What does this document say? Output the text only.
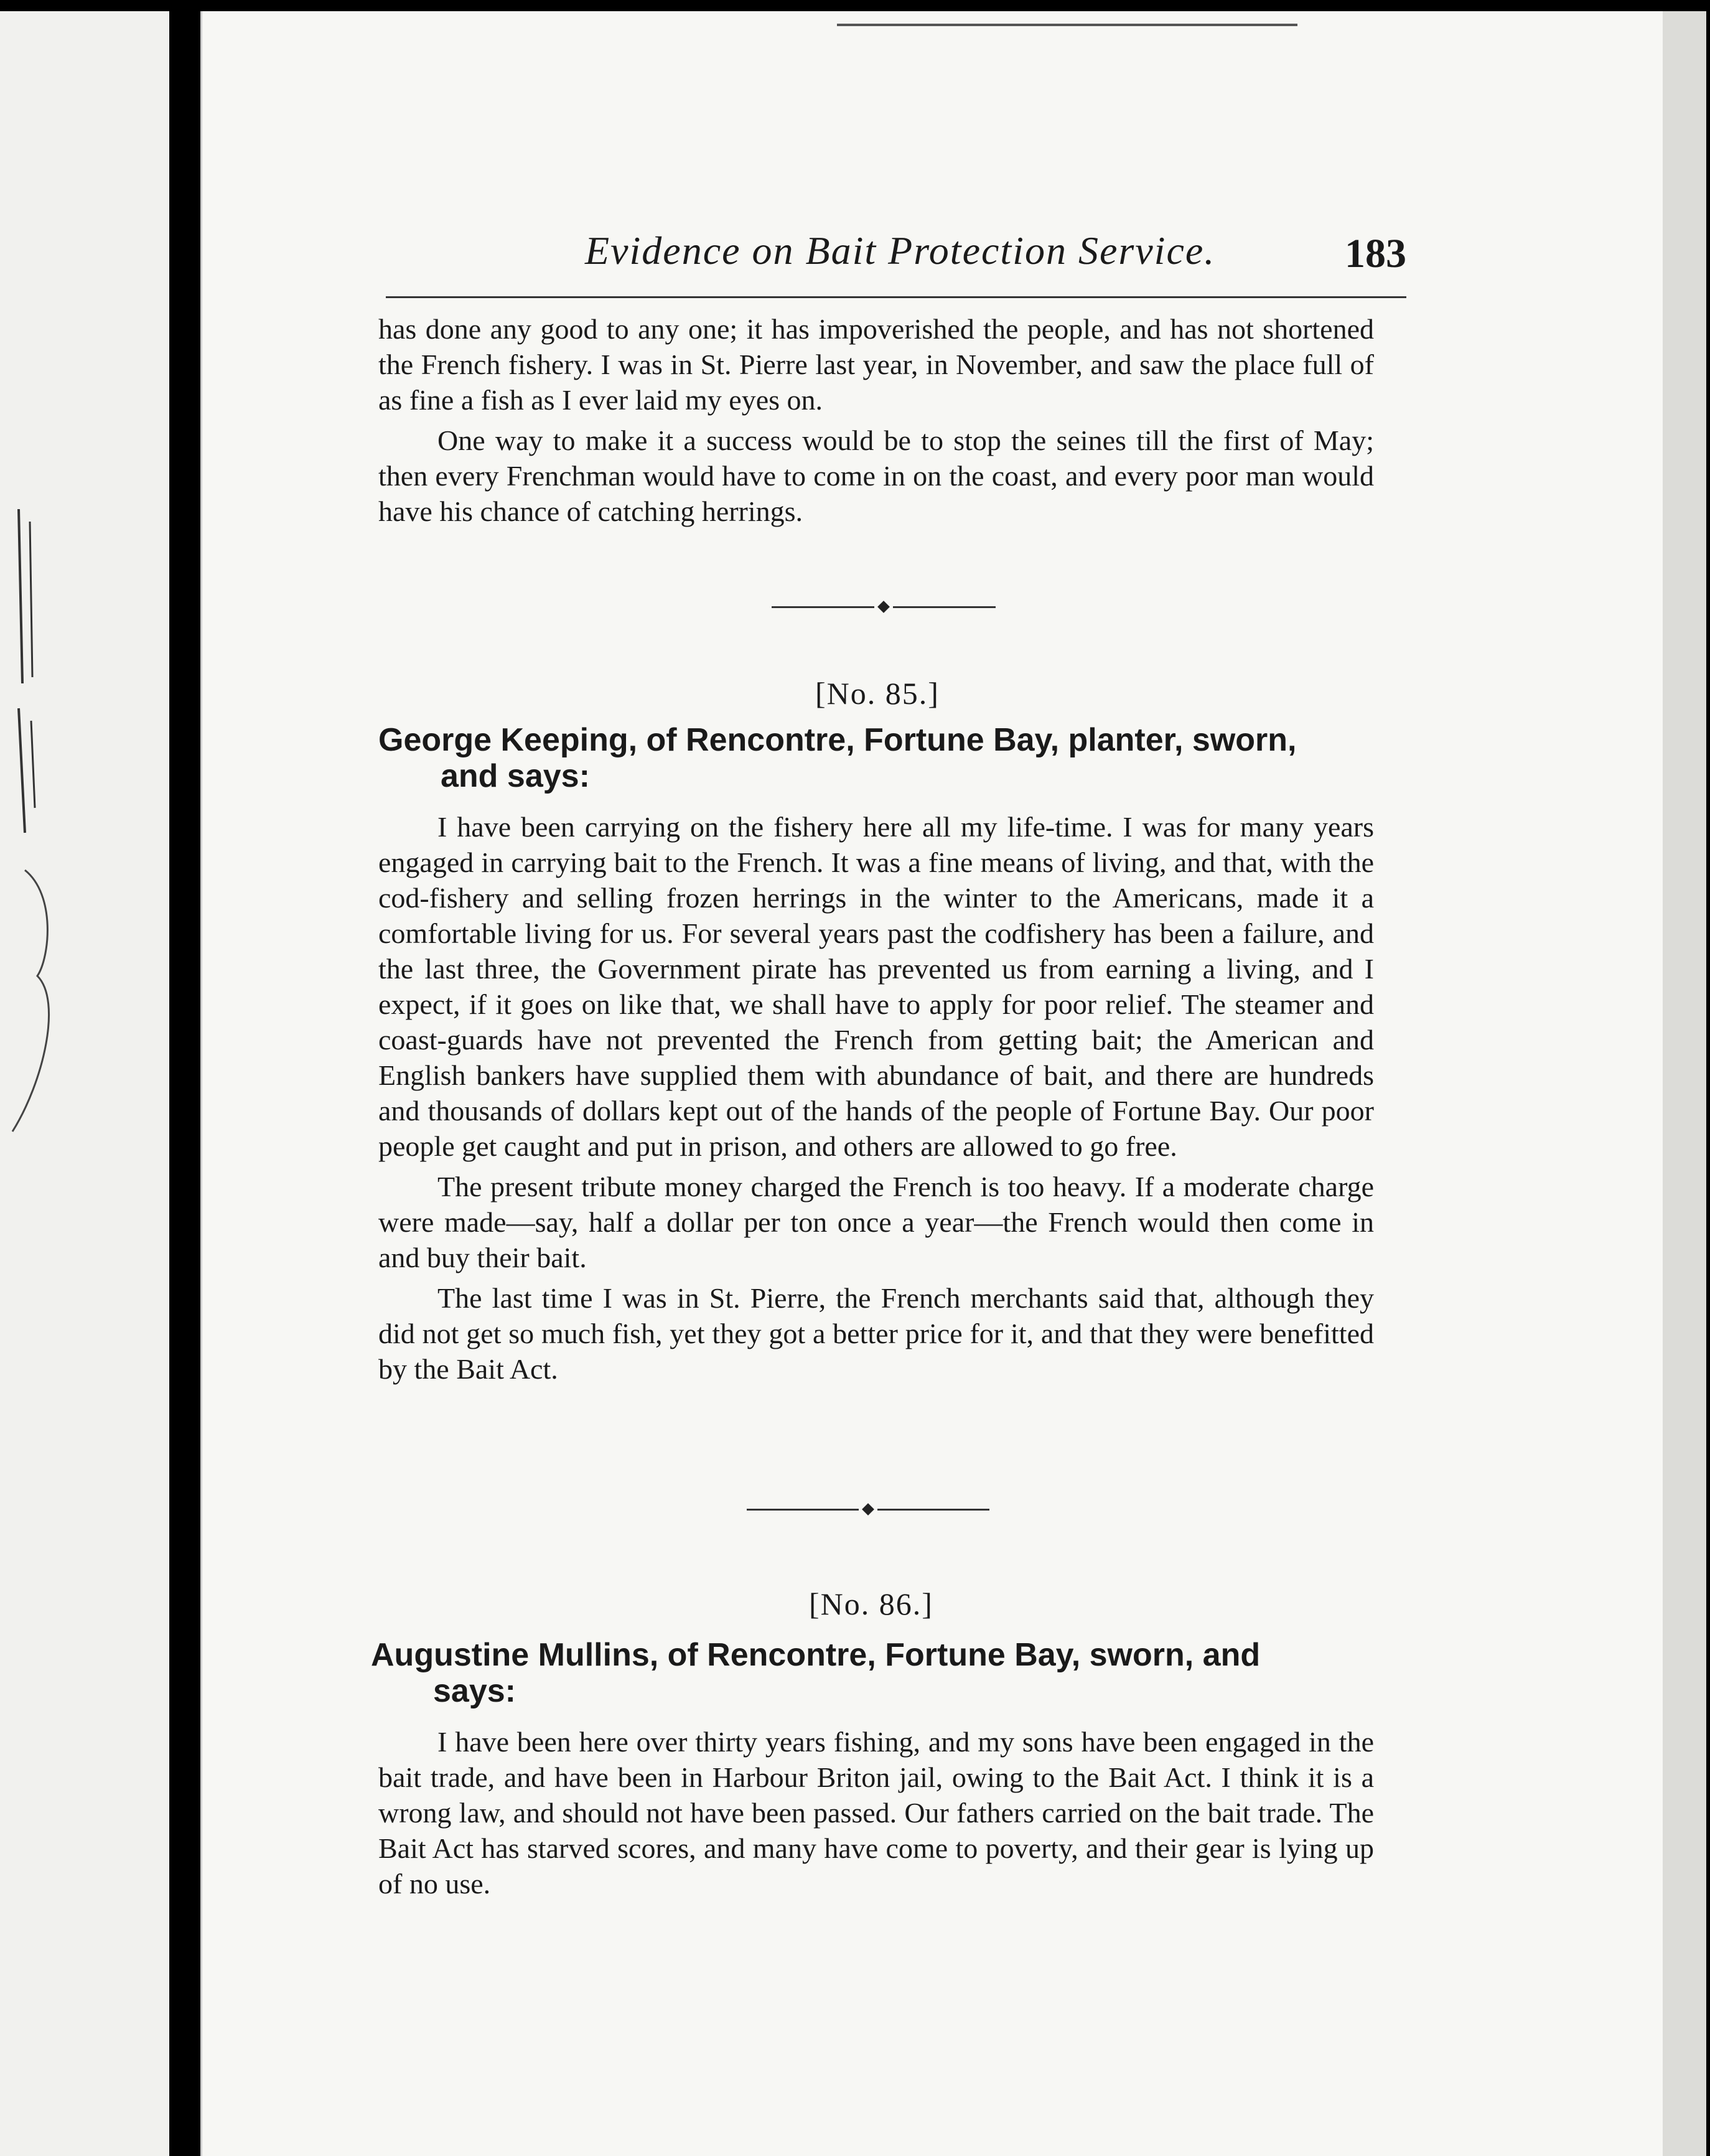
Evidence on Bait Protection Service.	183

has done any good to any one; it has impoverished the people, and has not shortened the French fishery. I was in St. Pierre last year, in November, and saw the place full of as fine a fish as I ever laid my eyes on.

One way to make it a success would be to stop the seines till the first of May; then every Frenchman would have to come in on the coast, and every poor man would have his chance of catching herrings.

[No. 85.]
George Keeping, of Rencontre, Fortune Bay, planter, sworn,
and says:

I have been carrying on the fishery here all my life-time. I was for many years engaged in carrying bait to the French. It was a fine means of living, and that, with the cod-fishery and selling frozen herrings in the winter to the Americans, made it a comfortable living for us. For several years past the codfishery has been a failure, and the last three, the Government pirate has prevented us from earning a living, and I expect, if it goes on like that, we shall have to apply for poor relief. The steamer and coast-guards have not prevented the French from getting bait; the American and English bankers have supplied them with abundance of bait, and there are hundreds and thousands of dollars kept out of the hands of the people of Fortune Bay. Our poor people get caught and put in prison, and others are allowed to go free.

The present tribute money charged the French is too heavy. If a moderate charge were made—say, half a dollar per ton once a year—the French would then come in and buy their bait.

The last time I was in St. Pierre, the French merchants said that, although they did not get so much fish, yet they got a better price for it, and that they were benefitted by the Bait Act.

[No. 86.]
Augustine Mullins, of Rencontre, Fortune Bay, sworn, and
says:

I have been here over thirty years fishing, and my sons have been engaged in the bait trade, and have been in Harbour Briton jail, owing to the Bait Act. I think it is a wrong law, and should not have been passed. Our fathers carried on the bait trade. The Bait Act has starved scores, and many have come to poverty, and their gear is lying up of no use.
